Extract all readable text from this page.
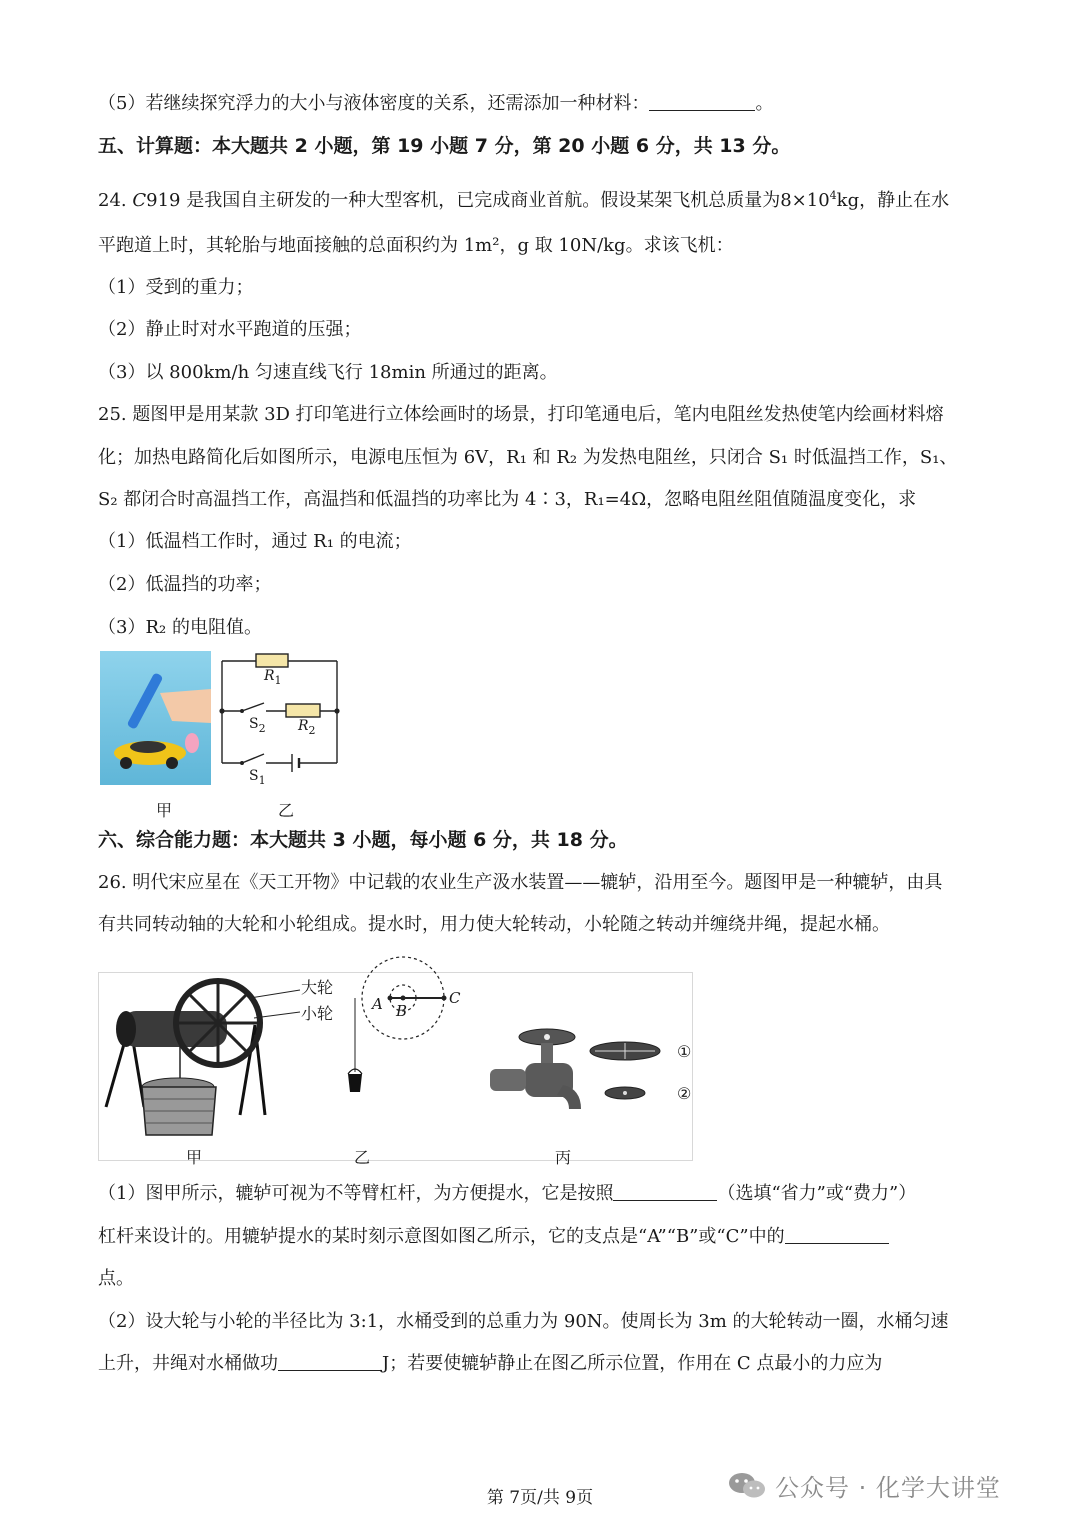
（5）若继续探究浮力的大小与液体密度的关系，还需添加一种材料：	。
五、计算题：本大题共 2 小题，第 19 小题 7 分，第 20 小题 6 分，共 13 分。
24. C919 是我国自主研发的一种大型客机，已完成商业首航。假设某架飞机总质量为$8\times 10^4kg$，静止在水
平跑道上时，其轮胎与地面接触的总面积约为 1m²，g 取 10N/kg。求该飞机：
（1）受到的重力；
（2）静止时对水平跑道的压强；
（3）以 800km/h 匀速直线飞行 18min 所通过的距离。
25. 题图甲是用某款 3D 打印笔进行立体绘画时的场景，打印笔通电后，笔内电阻丝发热使笔内绘画材料熔
化；加热电路简化后如图所示，电源电压恒为 6V，R₁ 和 R₂ 为发热电阻丝，只闭合 S₁ 时低温挡工作，S₁、
S₂ 都闭合时高温挡工作，高温挡和低温挡的功率比为 4∶3，R₁=4Ω，忽略电阻丝阻值随温度变化，求
（1）低温档工作时，通过 R₁ 的电流；
（2）低温挡的功率；
（3）R₂ 的电阻值。
甲
$R_1$
$S_2$ $R_2$
$S_1$
乙
六、综合能力题：本大题共 3 小题，每小题 6 分，共 18 分。
26. 明代宋应星在《天工开物》中记载的农业生产汲水装置——辘轳，沿用至今。题图甲是一种辘轳，由具
有共同转动轴的大轮和小轮组成。提水时，用力使大轮转动，小轮随之转动并缠绕井绳，提起水桶。
大轮
小轮
甲
A B
C
乙
①
②
丙
（1）图甲所示，辘轳可视为不等臂杠杆，为方便提水，它是按照	（选填“省力”或“费力”）
杠杆来设计的。用辘轳提水的某时刻示意图如图乙所示，它的支点是“A”“B”或“C”中的
点。
（2）设大轮与小轮的半径比为 3:1，水桶受到的总重力为 90N。使周长为 3m 的大轮转动一圈，水桶匀速
上升，井绳对水桶做功	J；若要使辘轳静止在图乙所示位置，作用在 C 点最小的力应为
第 7页/共 9页	公众号 · 化学大讲堂
